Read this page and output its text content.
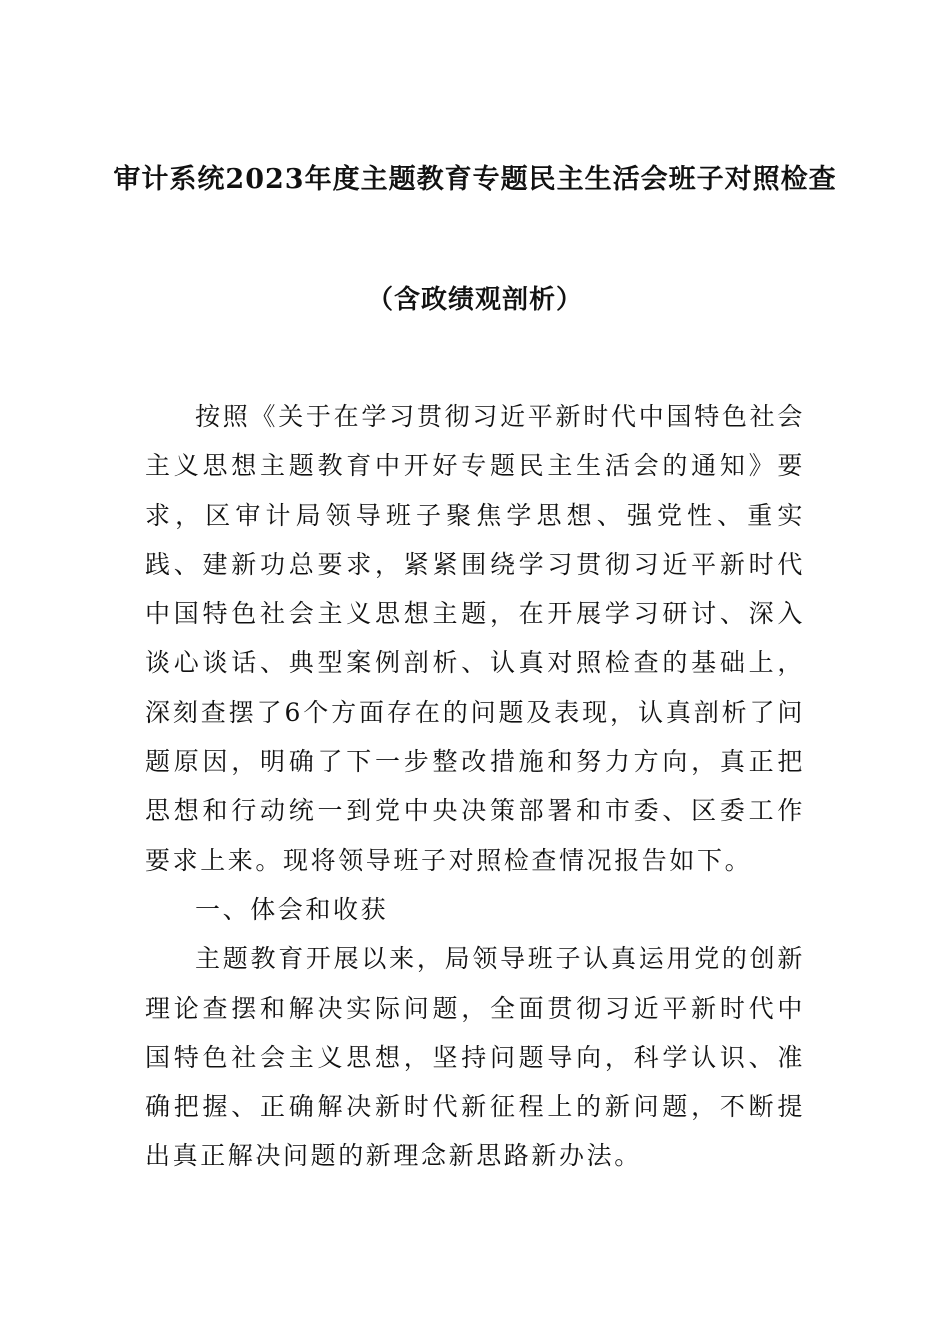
审计系统2023年度主题教育专题民主生活会班子对照检查
（含政绩观剖析）

按照《关于在学习贯彻习近平新时代中国特色社会主义思想主题教育中开好专题民主生活会的通知》要求，区审计局领导班子聚焦学思想、强党性、重实践、建新功总要求，紧紧围绕学习贯彻习近平新时代中国特色社会主义思想主题，在开展学习研讨、深入谈心谈话、典型案例剖析、认真对照检查的基础上，深刻查摆了6个方面存在的问题及表现，认真剖析了问题原因，明确了下一步整改措施和努力方向，真正把思想和行动统一到党中央决策部署和市委、区委工作要求上来。现将领导班子对照检查情况报告如下。

一、体会和收获

主题教育开展以来，局领导班子认真运用党的创新理论查摆和解决实际问题，全面贯彻习近平新时代中国特色社会主义思想，坚持问题导向，科学认识、准确把握、正确解决新时代新征程上的新问题，不断提出真正解决问题的新理念新思路新办法。
